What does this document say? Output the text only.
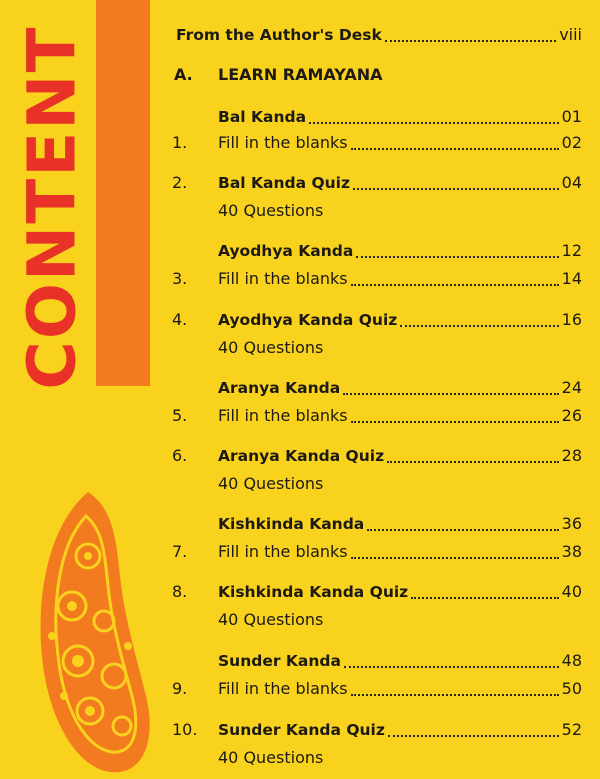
CONTENT	From the Author's Desk	viii
A. LEARN RAMAYANA
Bal Kanda	01
1. Fill in the blanks	02
2. Bal Kanda Quiz	04
40 Questions
Ayodhya Kanda	12
3. Fill in the blanks	14
4. Ayodhya Kanda Quiz	16
40 Questions
Aranya Kanda	24
5. Fill in the blanks	26
6. Aranya Kanda Quiz	28
40 Questions
Kishkinda Kanda	36
7. Fill in the blanks	38
8. Kishkinda Kanda Quiz	40
40 Questions
Sunder Kanda	48
9. Fill in the blanks	50
10. Sunder Kanda Quiz	52
40 Questions
